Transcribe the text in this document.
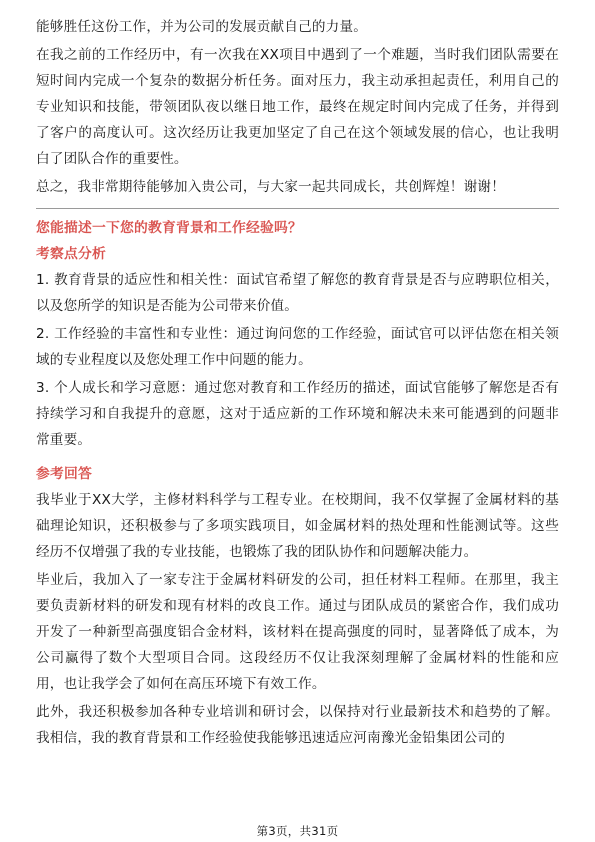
能够胜任这份工作，并为公司的发展贡献自己的力量。

在我之前的工作经历中，有一次我在XX项目中遇到了一个难题，当时我们团队需要在短时间内完成一个复杂的数据分析任务。面对压力，我主动承担起责任，利用自己的专业知识和技能，带领团队夜以继日地工作，最终在规定时间内完成了任务，并得到了客户的高度认可。这次经历让我更加坚定了自己在这个领域发展的信心，也让我明白了团队合作的重要性。

总之，我非常期待能够加入贵公司，与大家一起共同成长，共创辉煌！谢谢！

您能描述一下您的教育背景和工作经验吗？

考察点分析

1. 教育背景的适应性和相关性：面试官希望了解您的教育背景是否与应聘职位相关，以及您所学的知识是否能为公司带来价值。

2. 工作经验的丰富性和专业性：通过询问您的工作经验，面试官可以评估您在相关领域的专业程度以及您处理工作中问题的能力。

3. 个人成长和学习意愿：通过您对教育和工作经历的描述，面试官能够了解您是否有持续学习和自我提升的意愿，这对于适应新的工作环境和解决未来可能遇到的问题非常重要。

参考回答

我毕业于XX大学，主修材料科学与工程专业。在校期间，我不仅掌握了金属材料的基础理论知识，还积极参与了多项实践项目，如金属材料的热处理和性能测试等。这些经历不仅增强了我的专业技能，也锻炼了我的团队协作和问题解决能力。

毕业后，我加入了一家专注于金属材料研发的公司，担任材料工程师。在那里，我主要负责新材料的研发和现有材料的改良工作。通过与团队成员的紧密合作，我们成功开发了一种新型高强度铝合金材料，该材料在提高强度的同时，显著降低了成本，为公司赢得了数个大型项目合同。这段经历不仅让我深刻理解了金属材料的性能和应用，也让我学会了如何在高压环境下有效工作。

此外，我还积极参加各种专业培训和研讨会，以保持对行业最新技术和趋势的了解。我相信，我的教育背景和工作经验使我能够迅速适应河南豫光金铅集团公司的

第3页，共31页
